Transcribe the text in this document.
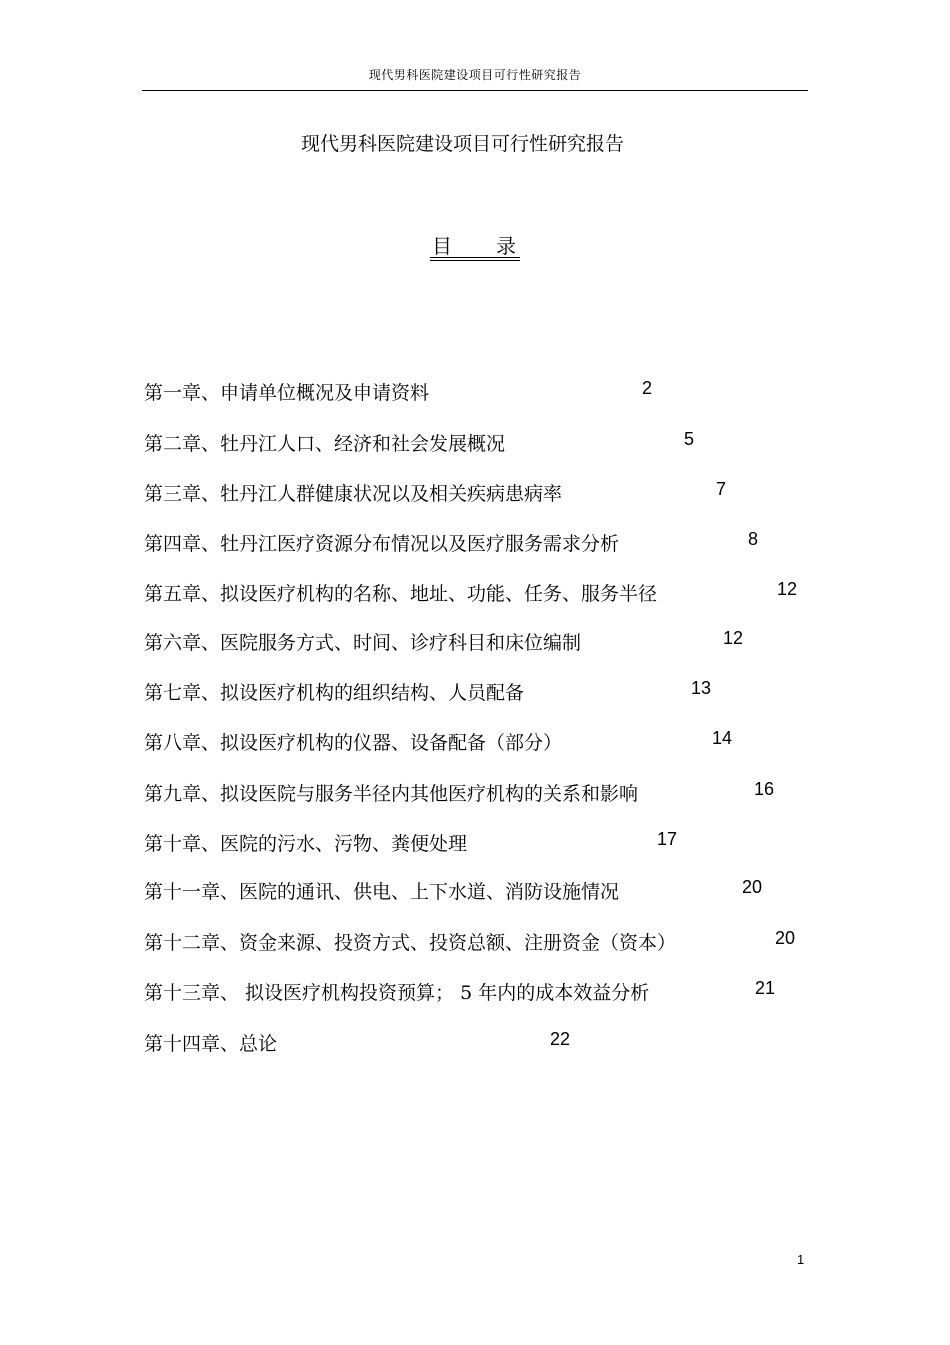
现代男科医院建设项目可行性研究报告
现代男科医院建设项目可行性研究报告
目 录
第一章、申请单位概况及申请资料	2
第二章、牡丹江人口、经济和社会发展概况	5
第三章、牡丹江人群健康状况以及相关疾病患病率	7
第四章、牡丹江医疗资源分布情况以及医疗服务需求分析	8
第五章、拟设医疗机构的名称、地址、功能、任务、服务半径	12
第六章、医院服务方式、时间、诊疗科目和床位编制	12
第七章、拟设医疗机构的组织结构、人员配备	13
第八章、拟设医疗机构的仪器、设备配备（部分）	14
第九章、拟设医院与服务半径内其他医疗机构的关系和影响	16
第十章、医院的污水、污物、粪便处理	17
第十一章、医院的通讯、供电、上下水道、消防设施情况	20
第十二章、资金来源、投资方式、投资总额、注册资金（资本）	20
第十三章、 拟设医疗机构投资预算； 5 年内的成本效益分析	21
第十四章、总论	22
1
